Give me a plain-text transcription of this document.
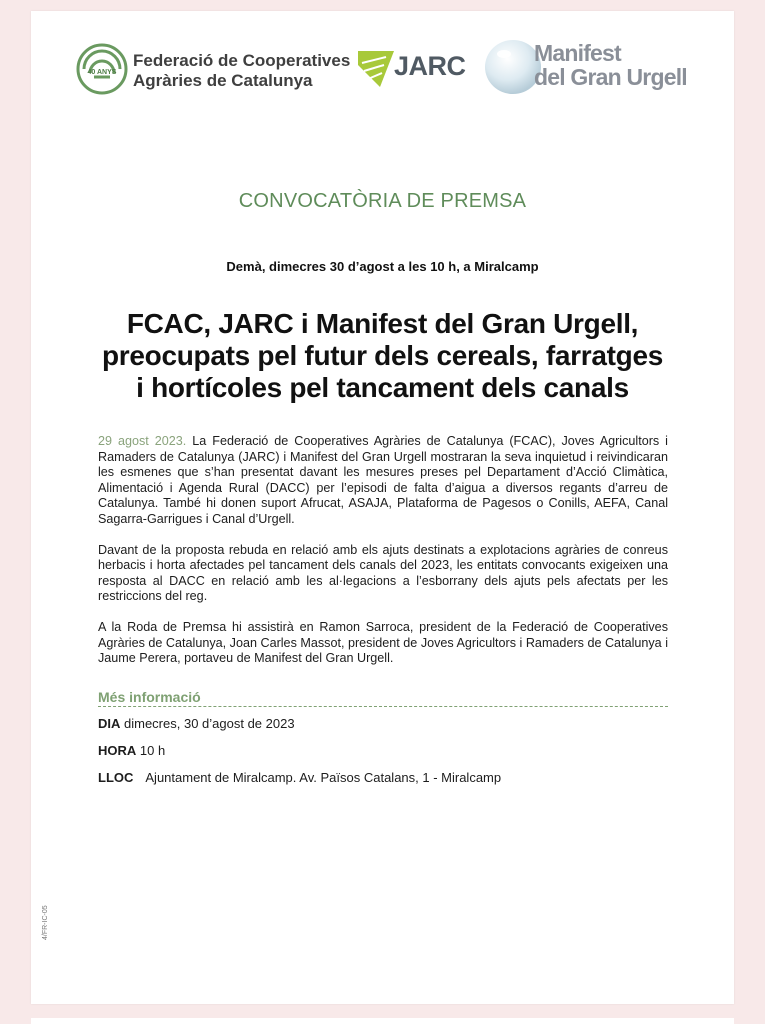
40 ANYS
Federació de Cooperatives
Agràries de Catalunya	JARC	Manifest
del Gran Urgell
CONVOCATÒRIA DE PREMSA
Demà, dimecres 30 d’agost a les 10 h, a Miralcamp
FCAC, JARC i Manifest del Gran Urgell,
preocupats pel futur dels cereals, farratges
i hortícoles pel tancament dels canals

29 agost 2023. La Federació de Cooperatives Agràries de Catalunya (FCAC), Joves Agricultors i Ramaders de Catalunya (JARC) i Manifest del Gran Urgell mostraran la seva inquietud i reivindicaran les esmenes que s’han presentat davant les mesures preses pel Departament d’Acció Climàtica, Alimentació i Agenda Rural (DACC) per l’episodi de falta d’aigua a diversos regants d’arreu de Catalunya. També hi donen suport Afrucat, ASAJA, Plataforma de Pagesos o Conills, AEFA, Canal Sagarra-Garrigues i Canal d’Urgell.

Davant de la proposta rebuda en relació amb els ajuts destinats a explotacions agràries de conreus herbacis i horta afectades pel tancament dels canals del 2023, les entitats convocants exigeixen una resposta al DACC en relació amb les al·legacions a l’esborrany dels ajuts pels afectats per les restriccions del reg.

A la Roda de Premsa hi assistirà en Ramon Sarroca, president de la Federació de Cooperatives Agràries de Catalunya, Joan Carles Massot, president de Joves Agricultors i Ramaders de Catalunya i Jaume Perera, portaveu de Manifest del Gran Urgell.

Més informació
DIA dimecres, 30 d’agost de 2023
HORA 10 h
LLOC Ajuntament de Miralcamp. Av. Països Catalans, 1 - Miralcamp
4/FR-IC-05
